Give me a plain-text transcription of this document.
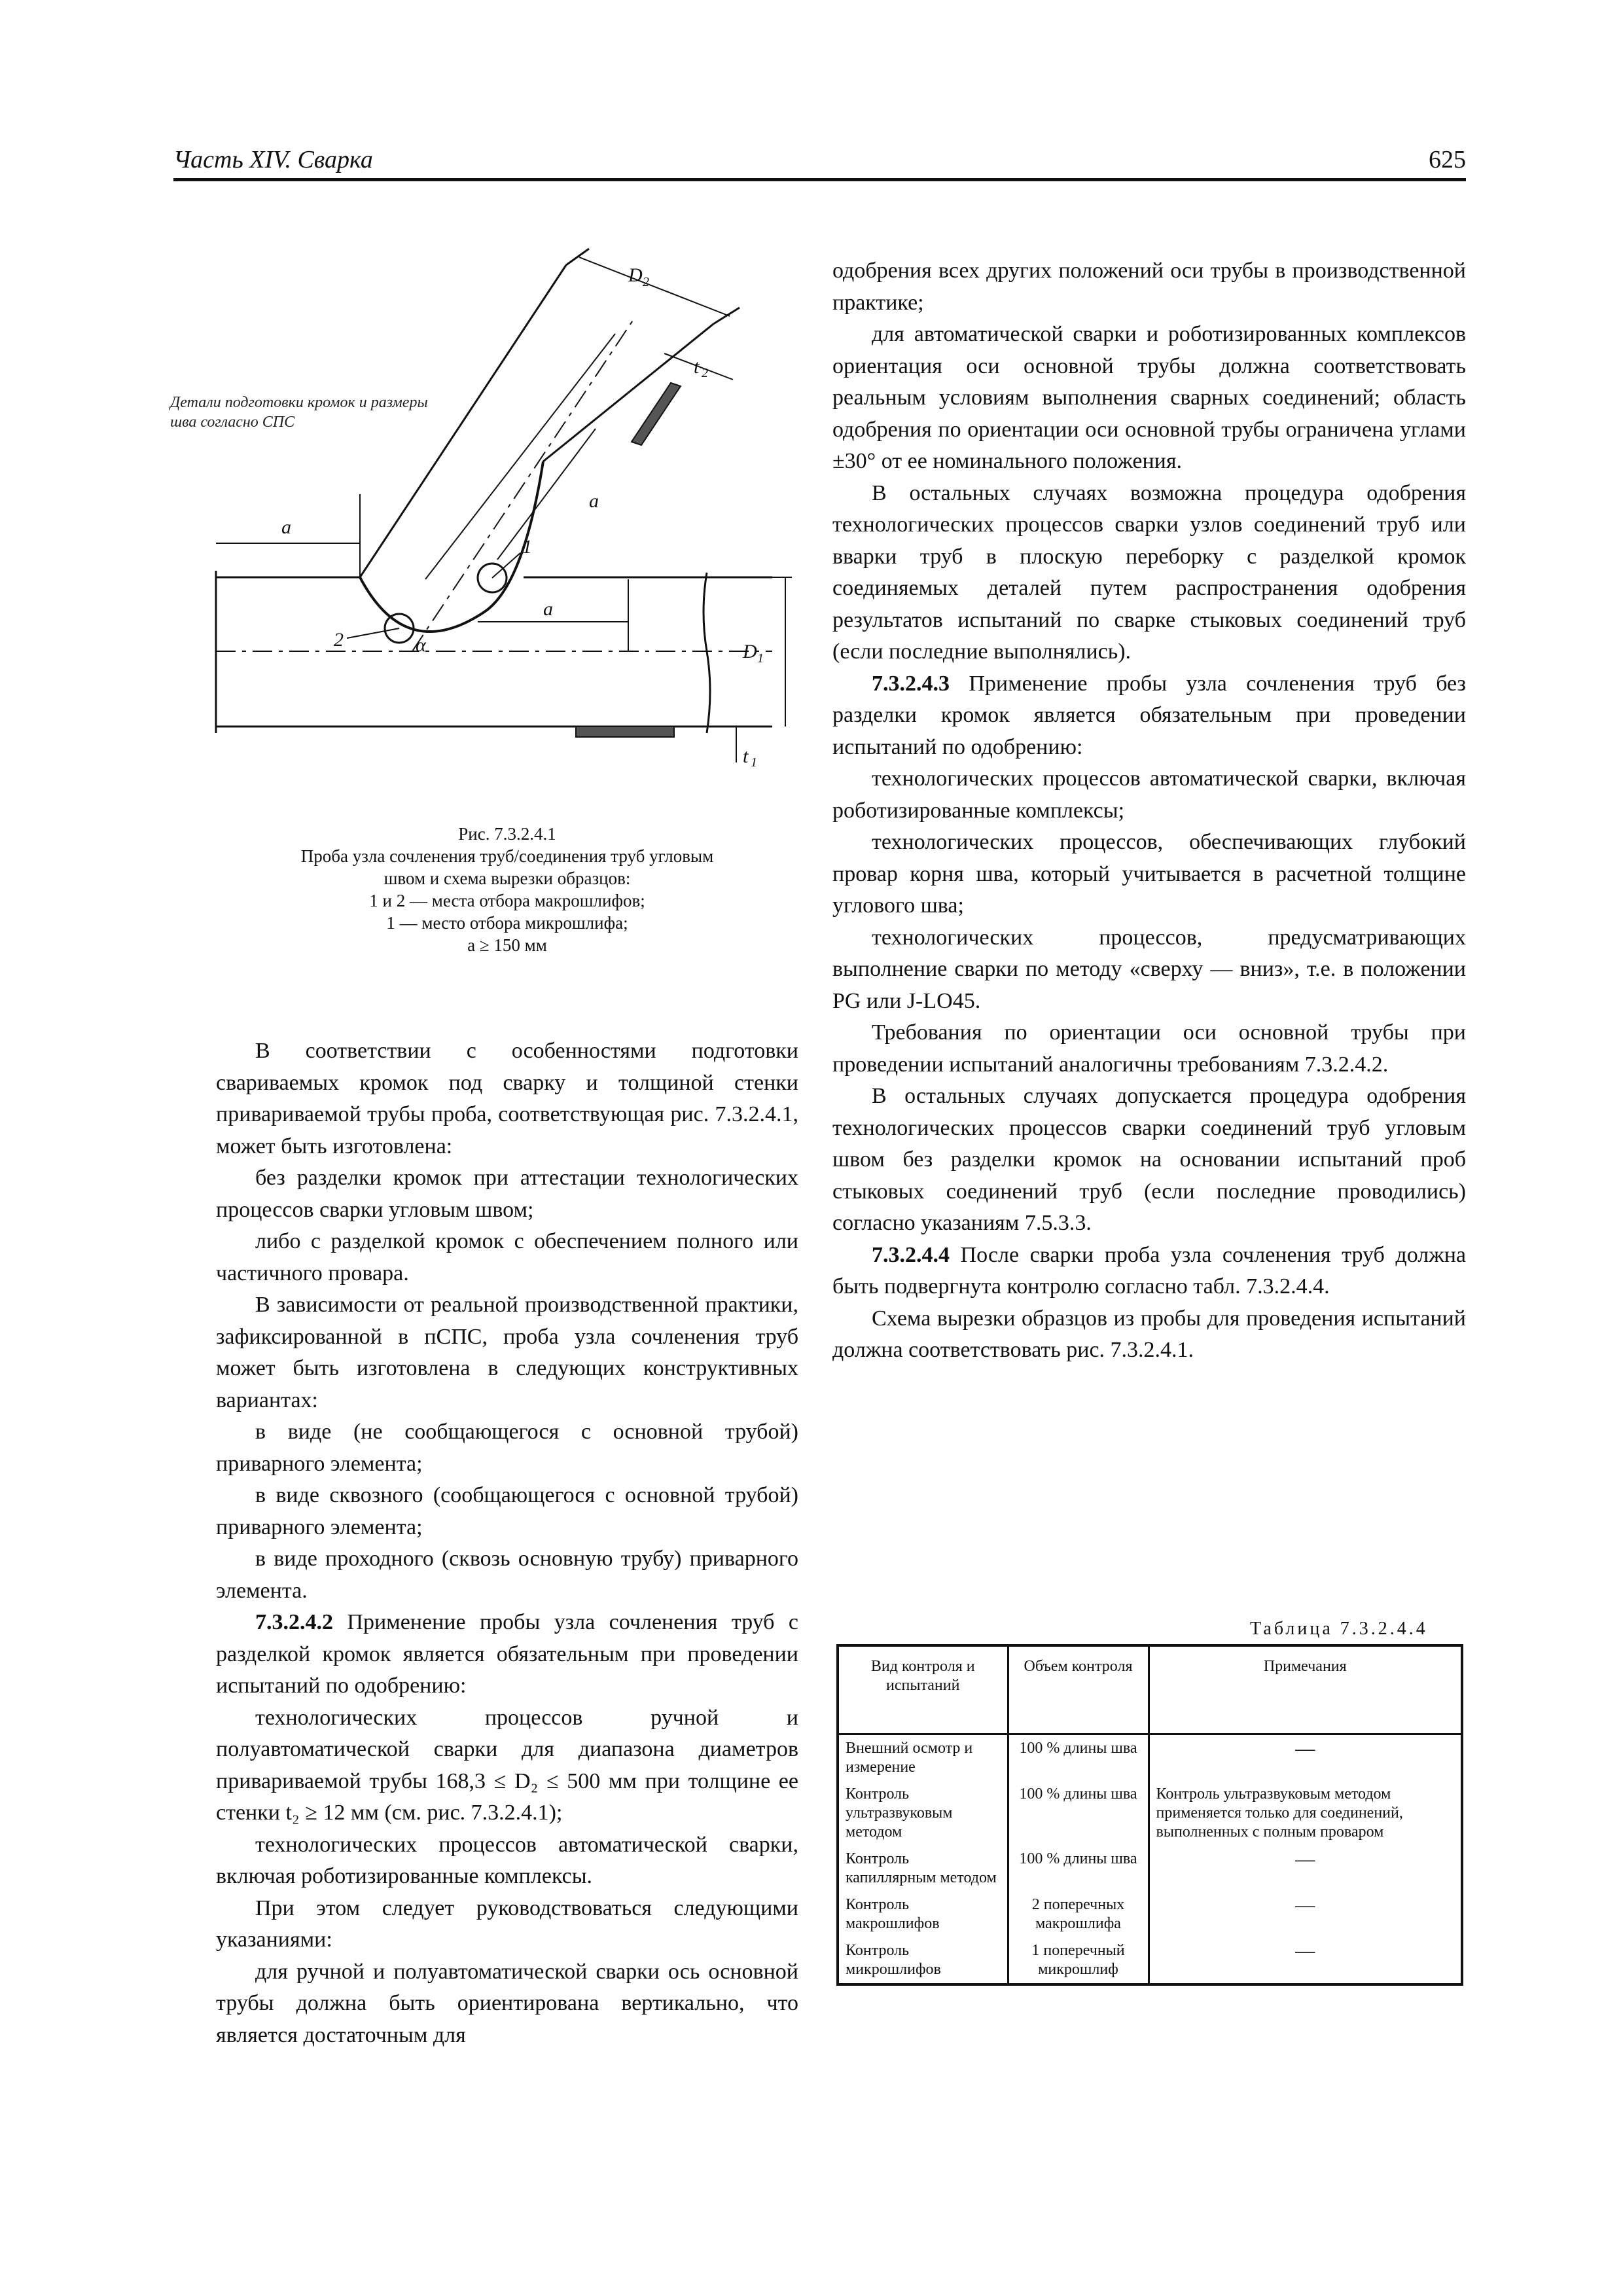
Часть XIV. Сварка	625
D 2
t 2
a
a
a
D 1
t 1
α
1
2
Детали подготовки кромок и размеры шва согласно СПС
Рис. 7.3.2.4.1
Проба узла сочленения труб/соединения труб угловым
швом и схема вырезки образцов:
1 и 2 — места отбора макрошлифов;
1 — место отбора микрошлифа;
a ≥ 150 мм

В соответствии с особенностями подготовки свариваемых кромок под сварку и толщиной стенки привариваемой трубы проба, соответствующая рис. 7.3.2.4.1, может быть изготовлена:

без разделки кромок при аттестации технологических процессов сварки угловым швом;

либо с разделкой кромок с обеспечением полного или частичного провара.

В зависимости от реальной производственной практики, зафиксированной в пСПС, проба узла сочленения труб может быть изготовлена в следующих конструктивных вариантах:

в виде (не сообщающегося с основной трубой) приварного элемента;

в виде сквозного (сообщающегося с основной трубой) приварного элемента;

в виде проходного (сквозь основную трубу) приварного элемента.

7.3.2.4.2 Применение пробы узла сочленения труб с разделкой кромок является обязательным при проведении испытаний по одобрению:

технологических процессов ручной и полуавтоматической сварки для диапазона диаметров привариваемой трубы 168,3 ≤ D₂ ≤ 500 мм при толщине ее стенки t₂ ≥ 12 мм (см. рис. 7.3.2.4.1);

технологических процессов автоматической сварки, включая роботизированные комплексы.

При этом следует руководствоваться следующими указаниями:

для ручной и полуавтоматической сварки ось основной трубы должна быть ориентирована вертикально, что является достаточным для

одобрения всех других положений оси трубы в производственной практике;

для автоматической сварки и роботизированных комплексов ориентация оси основной трубы должна соответствовать реальным условиям выполнения сварных соединений; область одобрения по ориентации оси основной трубы ограничена углами ±30° от ее номинального положения.

В остальных случаях возможна процедура одобрения технологических процессов сварки узлов соединений труб или вварки труб в плоскую переборку с разделкой кромок соединяемых деталей путем распространения одобрения результатов испытаний по сварке стыковых соединений труб (если последние выполнялись).

7.3.2.4.3 Применение пробы узла сочленения труб без разделки кромок является обязательным при проведении испытаний по одобрению:

технологических процессов автоматической сварки, включая роботизированные комплексы;

технологических процессов, обеспечивающих глубокий провар корня шва, который учитывается в расчетной толщине углового шва;

технологических процессов, предусматривающих выполнение сварки по методу «сверху — вниз», т.е. в положении PG или J-LO45.

Требования по ориентации оси основной трубы при проведении испытаний аналогичны требованиям 7.3.2.4.2.

В остальных случаях допускается процедура одобрения технологических процессов сварки соединений труб угловым швом без разделки кромок на основании испытаний проб стыковых соединений труб (если последние проводились) согласно указаниям 7.5.3.3.

7.3.2.4.4 После сварки проба узла сочленения труб должна быть подвергнута контролю согласно табл. 7.3.2.4.4.

Схема вырезки образцов из пробы для проведения испытаний должна соответствовать рис. 7.3.2.4.1.

Таблица 7.3.2.4.4
Вид контроля и испытаний	Объем контроля	Примечания
Внешний осмотр и измерение	100 % длины шва	—
Контроль ультразвуковым методом	100 % длины шва	Контроль ультразвуковым методом применяется только для соединений, выполненных с полным проваром
Контроль капиллярным методом	100 % длины шва	—
Контроль макрошлифов	2 поперечных макрошлифа	—
Контроль микрошлифов	1 поперечный микрошлиф	—
